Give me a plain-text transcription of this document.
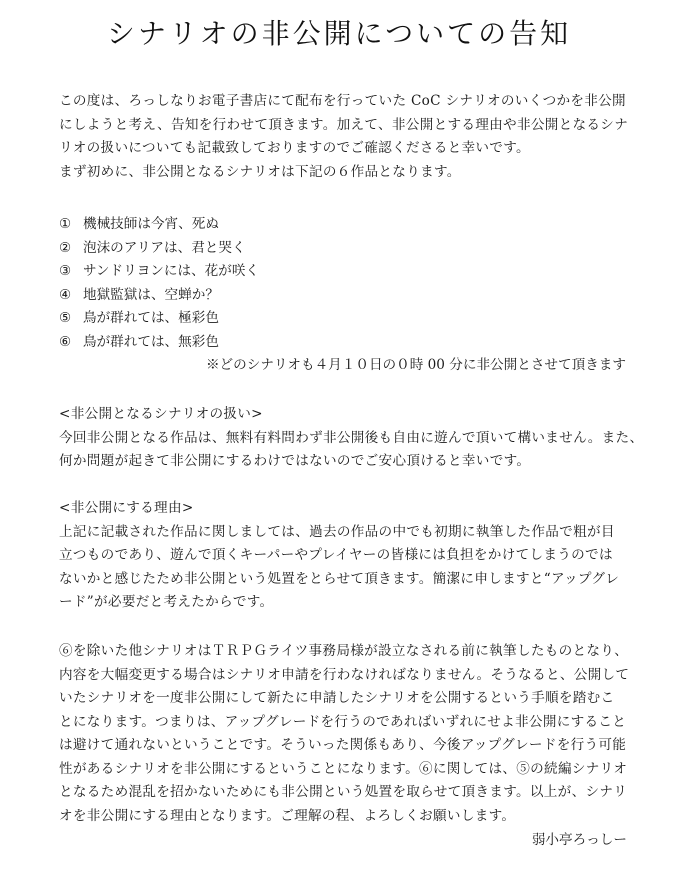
シナリオの非公開についての告知
この度は、ろっしなりお電子書店にて配布を行っていた CoC シナリオのいくつかを非公開
にしようと考え、告知を行わせて頂きます。加えて、非公開とする理由や非公開となるシナ
リオの扱いについても記載致しておりますのでご確認くださると幸いです。
まず初めに、非公開となるシナリオは下記の６作品となります。
① 機械技師は今宵、死ぬ
② 泡沫のアリアは、君と哭く
③ サンドリヨンには、花が咲く
④ 地獄監獄は、空蝉か？
⑤ 鳥が群れては、極彩色
⑥ 鳥が群れては、無彩色
※どのシナリオも４月１０日の０時 00 分に非公開とさせて頂きます
<非公開となるシナリオの扱い>
今回非公開となる作品は、無料有料問わず非公開後も自由に遊んで頂いて構いません。また、
何か問題が起きて非公開にするわけではないのでご安心頂けると幸いです。
<非公開にする理由>
上記に記載された作品に関しましては、過去の作品の中でも初期に執筆した作品で粗が目
立つものであり、遊んで頂くキーパーやプレイヤーの皆様には負担をかけてしまうのでは
ないかと感じたため非公開という処置をとらせて頂きます。簡潔に申しますと“アップグレ
ード”が必要だと考えたからです。
⑥を除いた他シナリオはＴＲＰＧライツ事務局様が設立なされる前に執筆したものとなり、
内容を大幅変更する場合はシナリオ申請を行わなければなりません。そうなると、公開して
いたシナリオを一度非公開にして新たに申請したシナリオを公開するという手順を踏むこ
とになります。つまりは、アップグレードを行うのであればいずれにせよ非公開にすること
は避けて通れないということです。そういった関係もあり、今後アップグレードを行う可能
性があるシナリオを非公開にするということになります。⑥に関しては、⑤の続編シナリオ
となるため混乱を招かないためにも非公開という処置を取らせて頂きます。以上が、シナリ
オを非公開にする理由となります。ご理解の程、よろしくお願いします。
弱小亭ろっしー
